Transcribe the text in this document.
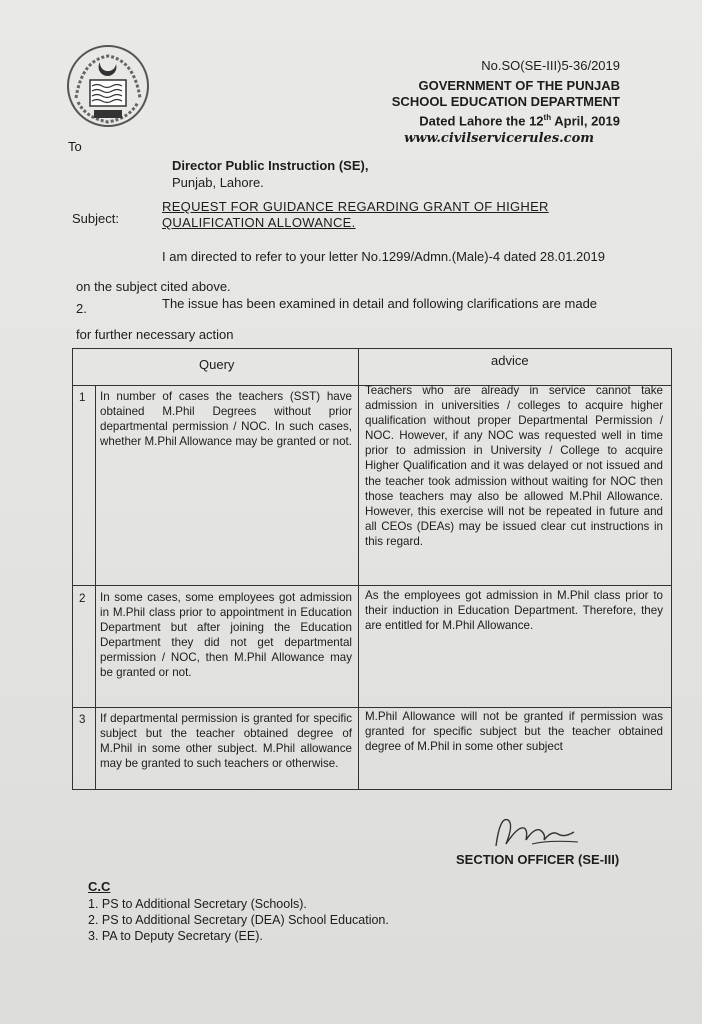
No.SO(SE-III)5-36/2019
GOVERNMENT OF THE PUNJAB
SCHOOL EDUCATION DEPARTMENT
Dated Lahore the 12th April, 2019
www.civilservicerules.com
To
Director Public Instruction (SE),
Punjab, Lahore.
Subject:
REQUEST FOR GUIDANCE REGARDING GRANT OF HIGHER QUALIFICATION ALLOWANCE.
I am directed to refer to your letter No.1299/Admn.(Male)-4 dated 28.01.2019
on the subject cited above.
2.	The issue has been examined in detail and following clarifications are made
for further necessary action
Query	advice
1 In number of cases the teachers (SST) have obtained M.Phil Degrees without prior departmental permission / NOC. In such cases, whether M.Phil Allowance may be granted or not.
Teachers who are already in service cannot take admission in universities / colleges to acquire higher qualification without proper Departmental Permission / NOC. However, if any NOC was requested well in time prior to admission in University / College to acquire Higher Qualification and it was delayed or not issued and the teacher took admission without waiting for NOC then those teachers may also be allowed M.Phil Allowance. However, this exercise will not be repeated in future and all CEOs (DEAs) may be issued clear cut instructions in this regard.
2 In some cases, some employees got admission in M.Phil class prior to appointment in Education Department but after joining the Education Department they did not get departmental permission / NOC, then M.Phil Allowance may be granted or not.
As the employees got admission in M.Phil class prior to their induction in Education Department. Therefore, they are entitled for M.Phil Allowance.
3 If departmental permission is granted for specific subject but the teacher obtained degree of M.Phil in some other subject. M.Phil allowance may be granted to such teachers or otherwise.
M.Phil Allowance will not be granted if permission was granted for specific subject but the teacher obtained degree of M.Phil in some other subject
SECTION OFFICER (SE-III)
C.C
1. PS to Additional Secretary (Schools).
2. PS to Additional Secretary (DEA) School Education.
3. PA to Deputy Secretary (EE).
